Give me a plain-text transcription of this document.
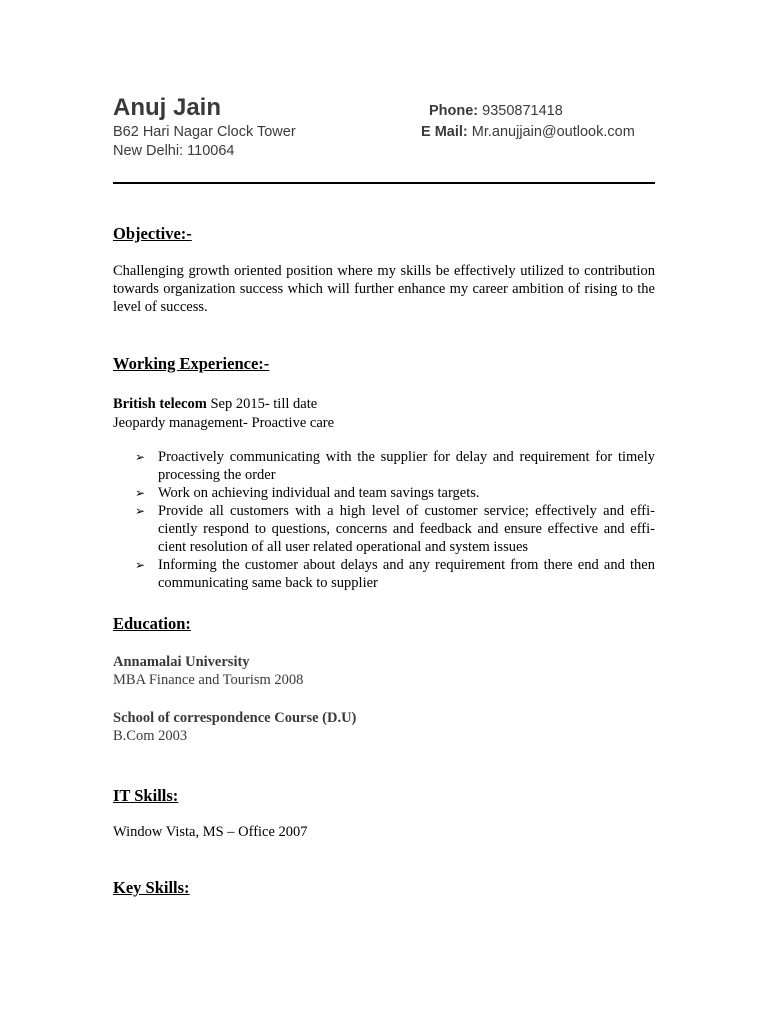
Anuj Jain
B62 Hari Nagar Clock Tower
New Delhi: 110064
Phone: 9350871418
E Mail: Mr.anujjain@outlook.com
Objective:-
Challenging growth oriented position where my skills be effectively utilized to contribution towards organization success which will further enhance my career ambition of rising to the level of success.
Working Experience:-
British telecom Sep 2015- till date
Jeopardy management- Proactive care
➢ Proactively communicating with the supplier for delay and requirement for timely processing the order
➢ Work on achieving individual and team savings targets.
➢ Provide all customers with a high level of customer service; effectively and effi-ciently respond to questions, concerns and feedback and ensure effective and effi-cient resolution of all user related operational and system issues
➢ Informing the customer about delays and any requirement from there end and then communicating same back to supplier
Education:
Annamalai University
MBA Finance and Tourism 2008
School of correspondence Course (D.U)
B.Com 2003
IT Skills:
Window Vista, MS – Office 2007
Key Skills:
